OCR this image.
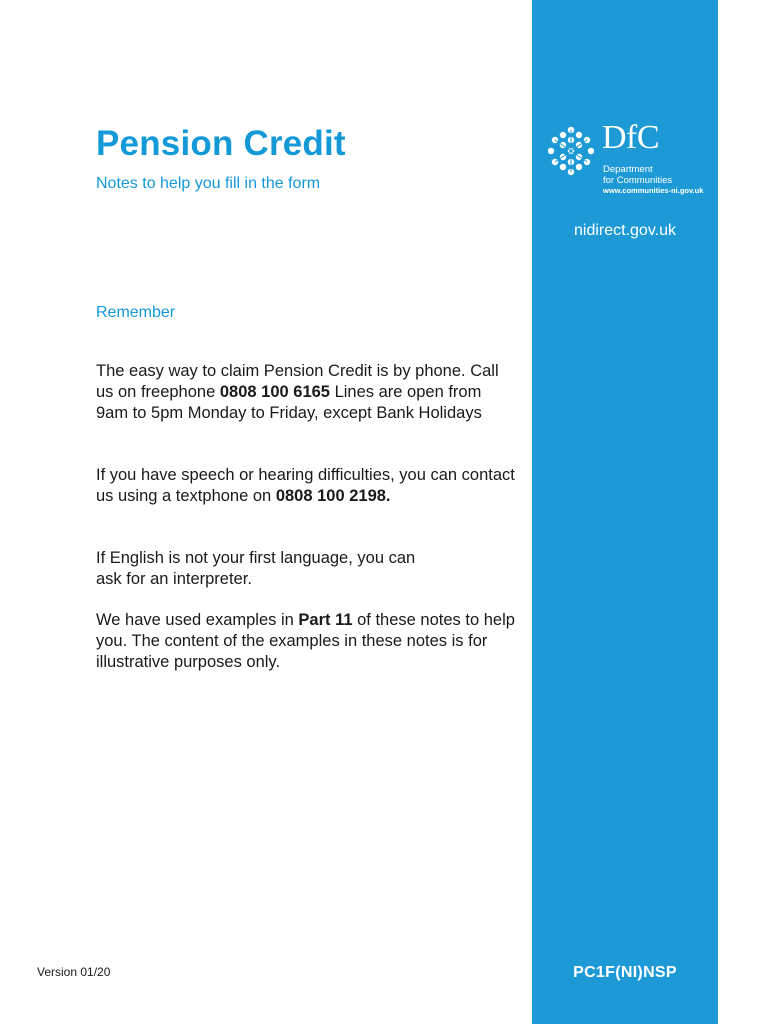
Pension Credit
Notes to help you fill in the form
Remember

The easy way to claim Pension Credit is by phone. Call us on freephone 0808 100 6165 Lines are open from 9am to 5pm Monday to Friday, except Bank Holidays

If you have speech or hearing difficulties, you can contact us using a textphone on 0808 100 2198.

If English is not your first language, you can
ask for an interpreter.

We have used examples in Part 11 of these notes to help you. The content of the examples in these notes is for illustrative purposes only.

Version 01/20
DfC
Department
for Communities
www.communities-ni.gov.uk
nidirect.gov.uk
PC1F(NI)NSP
